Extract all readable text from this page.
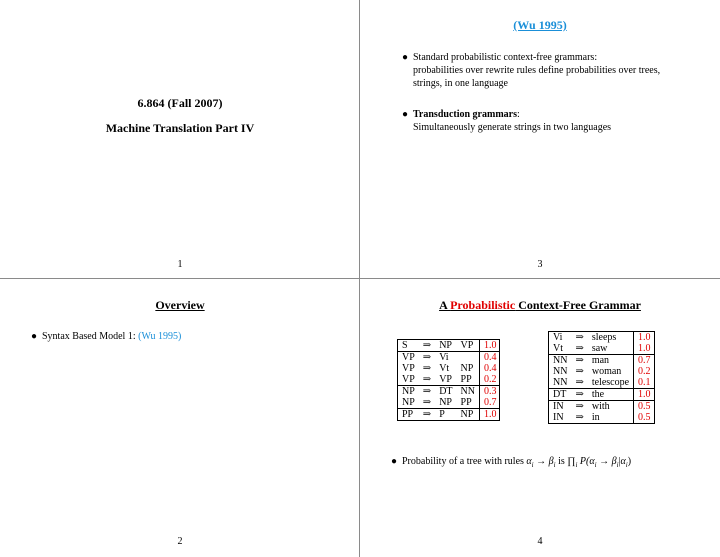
6.864 (Fall 2007)
Machine Translation Part IV
1
(Wu 1995)
● Standard probabilistic context-free grammars:
probabilities over rewrite rules define probabilities over trees,
strings, in one language
● Transduction grammars:
Simultaneously generate strings in two languages
3
Overview
● Syntax Based Model 1: (Wu 1995)
2
A Probabilistic Context-Free Grammar
S	⇒	NP	VP	1.0
VP	⇒	Vi		0.4
VP	⇒	Vt	NP	0.4
VP	⇒	VP	PP	0.2
NP	⇒	DT	NN	0.3
NP	⇒	NP	PP	0.7
PP	⇒	P	NP	1.0
Vi	⇒	sleeps	1.0
Vt	⇒	saw	1.0
NN	⇒	man	0.7
NN	⇒	woman	0.2
NN	⇒	telescope	0.1
DT	⇒	the	1.0
IN	⇒	with	0.5
IN	⇒	in	0.5
● Probability of a tree with rules $\alpha_i \to \beta_i$ is $\prod_i$ $P(\alpha_i \to \beta_i|\alpha_i)$
4
